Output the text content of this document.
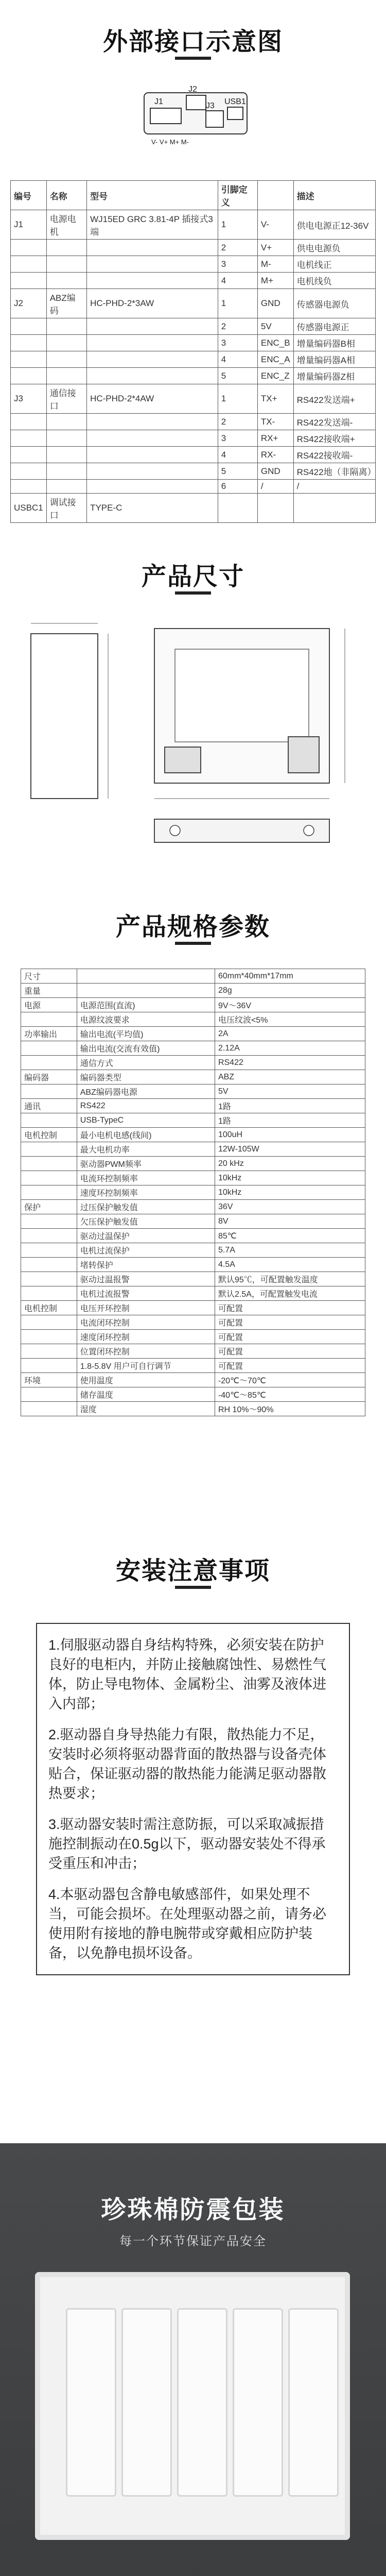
外部接口示意图
J1
J2
J3 USB1
V- V+ M+ M-
编号	名称	型号	引脚定义		描述
J1	电源电机	WJ15ED GRC 3.81-4P 插接式3端	1	V-	供电电源正12-36V
			2	V+	供电电源负
			3	M-	电机线正
			4	M+	电机线负
J2	ABZ编码	HC-PHD-2*3AW	1	GND	传感器电源负
			2	5V	传感器电源正
			3	ENC_B	增量编码器B相
			4	ENC_A	增量编码器A相
			5	ENC_Z	增量编码器Z相
J3	通信接口	HC-PHD-2*4AW	1	TX+	RS422发送端+
			2	TX-	RS422发送端-
			3	RX+	RS422接收端+
			4	RX-	RS422接收端-
			5	GND	RS422地（非隔离）
			6	/	/
USBC1	调试接口	TYPE-C			
产品尺寸
产品规格参数
尺寸		60mm*40mm*17mm
重量		28g
电源	电源范围(直流)	9V～36V
	电源纹波要求	电压纹波<5%
功率输出	输出电流(平均值)	2A
	输出电流(交流有效值)	2.12A
	通信方式	RS422
编码器	编码器类型	ABZ
	ABZ编码器电源	5V
通讯	RS422	1路
	USB-TypeC	1路
电机控制	最小电机电感(线间)	100uH
	最大电机功率	12W-105W
	驱动器PWM频率	20 kHz
	电流环控制频率	10kHz
	速度环控制频率	10kHz
保护	过压保护触发值	36V
	欠压保护触发值	8V
	驱动过温保护	85℃
	电机过流保护	5.7A
	堵转保护	4.5A
	驱动过温报警	默认95℃，可配置触发温度
	电机过流报警	默认2.5A，可配置触发电流
电机控制	电压开环控制	可配置
	电流闭环控制	可配置
	速度闭环控制	可配置
	位置闭环控制	可配置
	1.8-5.8V 用户可自行调节	可配置
环境	使用温度	-20℃～70℃
	储存温度	-40℃～85℃
	湿度	RH 10%～90%
安装注意事项

1.伺服驱动器自身结构特殊，必须安装在防护良好的电柜内，并防止接触腐蚀性、易燃性气体，防止导电物体、金属粉尘、油雾及液体进入内部；

2.驱动器自身导热能力有限，散热能力不足，安装时必须将驱动器背面的散热器与设备壳体贴合，保证驱动器的散热能力能满足驱动器散热要求；

3.驱动器安装时需注意防振，可以采取减振措施控制振动在0.5g以下，驱动器安装处不得承受重压和冲击；

4.本驱动器包含静电敏感部件，如果处理不当，可能会损坏。在处理驱动器之前，请务必使用附有接地的静电腕带或穿戴相应防护装备，以免静电损坏设备。

珍珠棉防震包装
每一个环节保证产品安全
